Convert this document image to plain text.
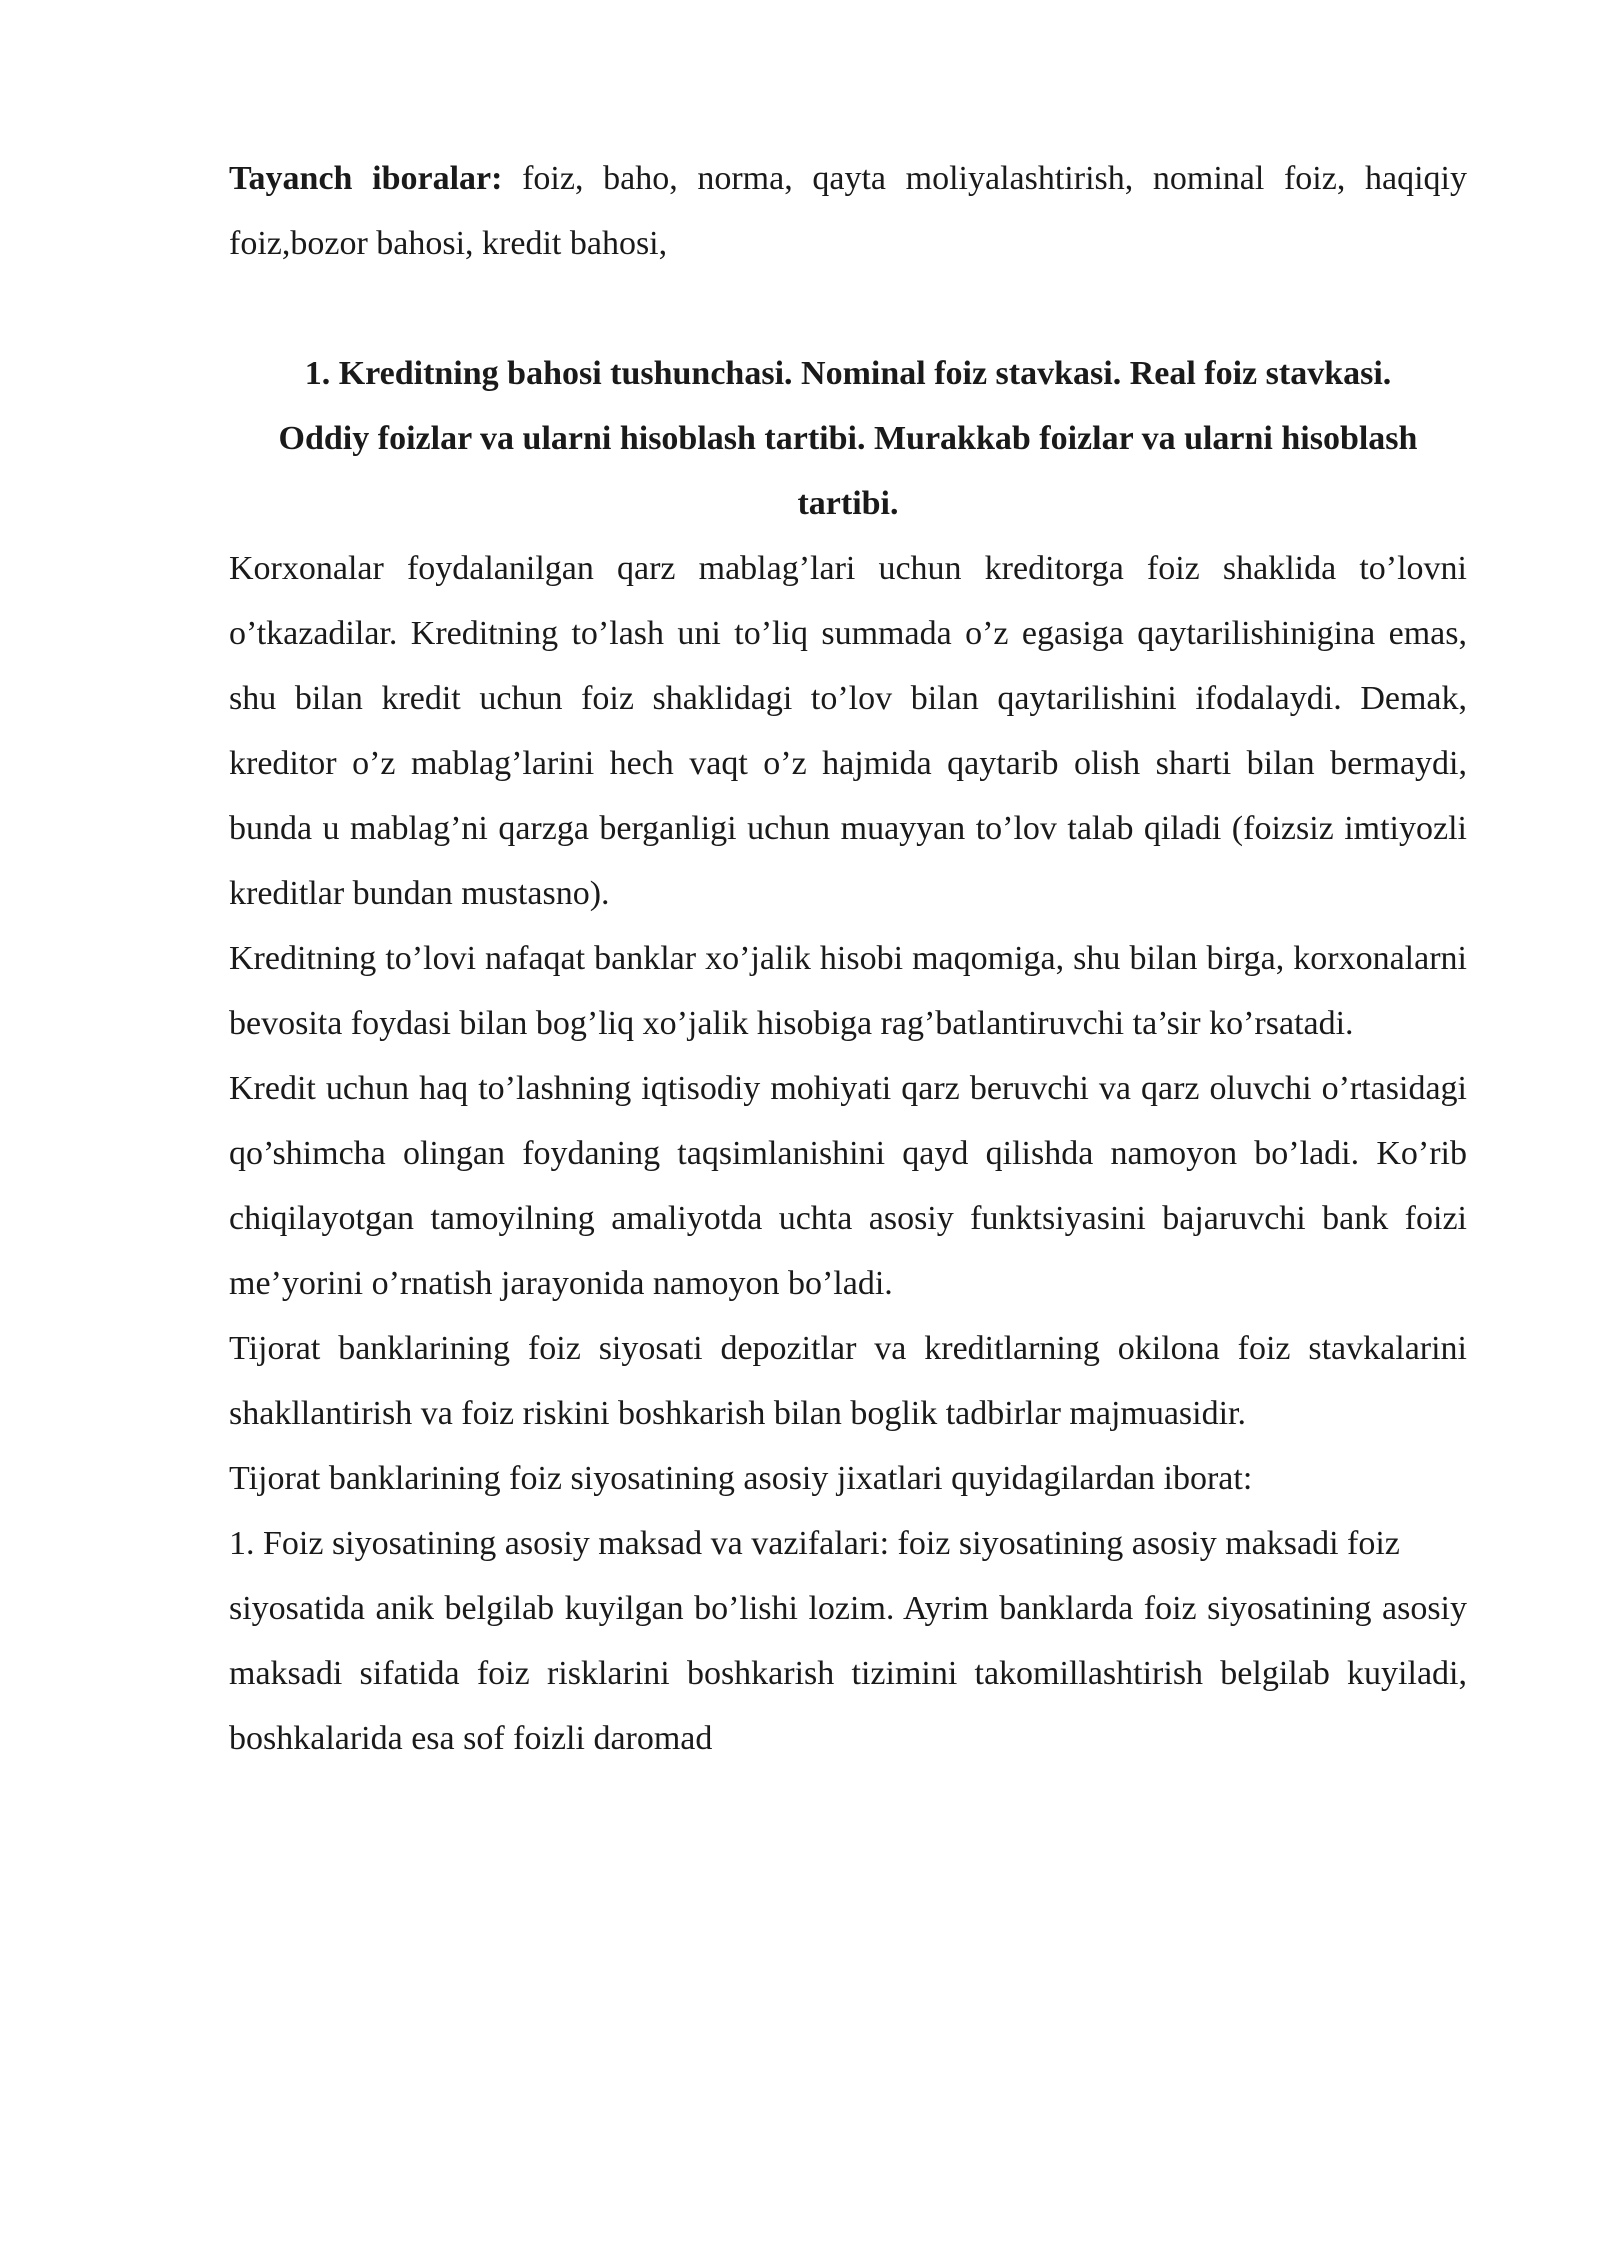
Tayanch iboralar: foiz, baho, norma, qayta moliyalashtirish, nominal foiz, haqiqiy foiz,bozor bahosi, kredit bahosi,

1. Kreditning bahosi tushunchasi. Nominal foiz stavkasi. Real foiz stavkasi. Oddiy foizlar va ularni hisoblash tartibi. Murakkab foizlar va ularni hisoblash tartibi.

Korxonalar foydalanilgan qarz mablag’lari uchun kreditorga foiz shaklida to’lovni o’tkazadilar. Kreditning to’lash uni to’liq summada o’z egasiga qaytarilishinigina emas, shu bilan kredit uchun foiz shaklidagi to’lov bilan qaytarilishini ifodalaydi. Demak, kreditor o’z mablag’larini hech vaqt o’z hajmida qaytarib olish sharti bilan bermaydi, bunda u mablag’ni qarzga berganligi uchun muayyan to’lov talab qiladi (foizsiz imtiyozli kreditlar bundan mustasno).

Kreditning to’lovi nafaqat banklar xo’jalik hisobi maqomiga, shu bilan birga, korxonalarni bevosita foydasi bilan bog’liq xo’jalik hisobiga rag’batlantiruvchi ta’sir ko’rsatadi.

Kredit uchun haq to’lashning iqtisodiy mohiyati qarz beruvchi va qarz oluvchi o’rtasidagi qo’shimcha olingan foydaning taqsimlanishini qayd qilishda namoyon bo’ladi. Ko’rib chiqilayotgan tamoyilning amaliyotda uchta asosiy funktsiyasini bajaruvchi bank foizi me’yorini o’rnatish jarayonida namoyon bo’ladi.

Tijorat banklarining foiz siyosati depozitlar va kreditlarning okilona foiz stavkalarini shakllantirish va foiz riskini boshkarish bilan boglik tadbirlar majmuasidir.

Tijorat banklarining foiz siyosatining asosiy jixatlari quyidagilardan iborat:

1. Foiz siyosatining asosiy maksad va vazifalari: foiz siyosatining asosiy maksadi foiz

siyosatida anik belgilab kuyilgan bo’lishi lozim. Ayrim banklarda foiz siyosatining asosiy maksadi sifatida foiz risklarini boshkarish tizimini takomillashtirish belgilab kuyiladi, boshkalarida esa sof foizli daromad
